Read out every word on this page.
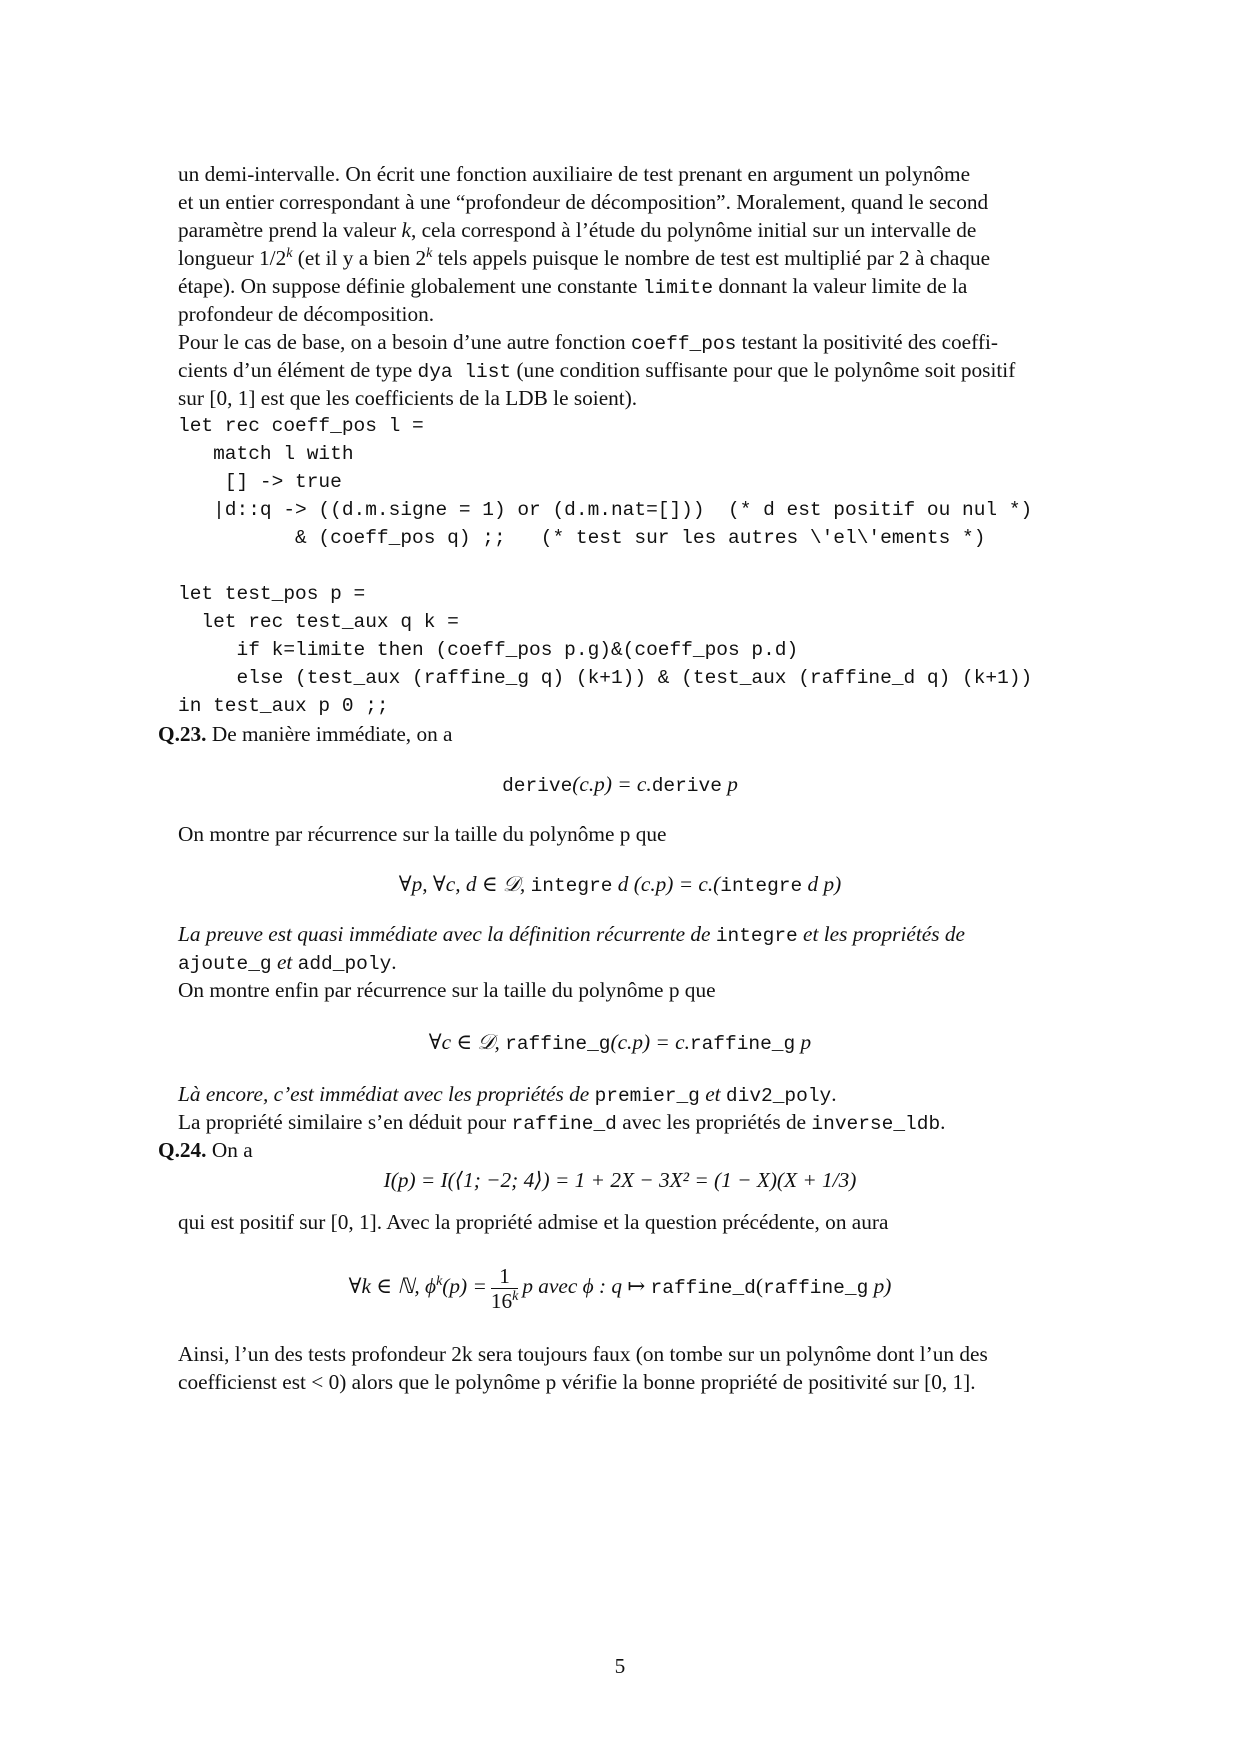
un demi-intervalle. On écrit une fonction auxiliaire de test prenant en argument un polynôme

et un entier correspondant à une “profondeur de décomposition”. Moralement, quand le second

paramètre prend la valeur k, cela correspond à l’étude du polynôme initial sur un intervalle de

longueur 1/2$^k$ (et il y a bien 2$^k$ tels appels puisque le nombre de test est multiplié par 2 à chaque

étape). On suppose définie globalement une constante limite donnant la valeur limite de la

profondeur de décomposition.

Pour le cas de base, on a besoin d’une autre fonction coeff_pos testant la positivité des coeffi-

cients d’un élément de type dya list (une condition suffisante pour que le polynôme soit positif

sur [0, 1] est que les coefficients de la LDB le soient).

let rec coeff_pos l =
match l with
[] -> true
|d::q -> ((d.m.signe = 1) or (d.m.nat=[]))  (* d est positif ou nul *)
& (coeff_pos q) ;;   (* test sur les autres \'el\'ements *)
let test_pos p =
let rec test_aux q k =
if k=limite then (coeff_pos p.g)&(coeff_pos p.d)
else (test_aux (raffine_g q) (k+1)) & (test_aux (raffine_d q) (k+1))
in test_aux p 0 ;;
Q.23. De manière immédiate, on a
derive(c.p) = c.derive p

On montre par récurrence sur la taille du polynôme p que

∀p, ∀c, d ∈ 𝒟, integre d (c.p) = c.(integre d p)

La preuve est quasi immédiate avec la définition récurrente de integre et les propriétés de

ajoute_g et add_poly.

On montre enfin par récurrence sur la taille du polynôme p que

∀c ∈ 𝒟, raffine_g(c.p) = c.raffine_g p

Là encore, c’est immédiat avec les propriétés de premier_g et div2_poly.

La propriété similaire s’en déduit pour raffine_d avec les propriétés de inverse_ldb.

Q.24. On a
I(p) = I(⟨1; −2; 4⟩) = 1 + 2X − 3X² = (1 − X)(X + 1/3)

qui est positif sur [0, 1]. Avec la propriété admise et la question précédente, on aura

∀k ∈ ℕ, $\phi^k(p) = \frac{1}{16^k}$ p avec ϕ : q ↦ raffine_d(raffine_g p)

Ainsi, l’un des tests profondeur 2k sera toujours faux (on tombe sur un polynôme dont l’un des

coefficienst est < 0) alors que le polynôme p vérifie la bonne propriété de positivité sur [0, 1].

5
